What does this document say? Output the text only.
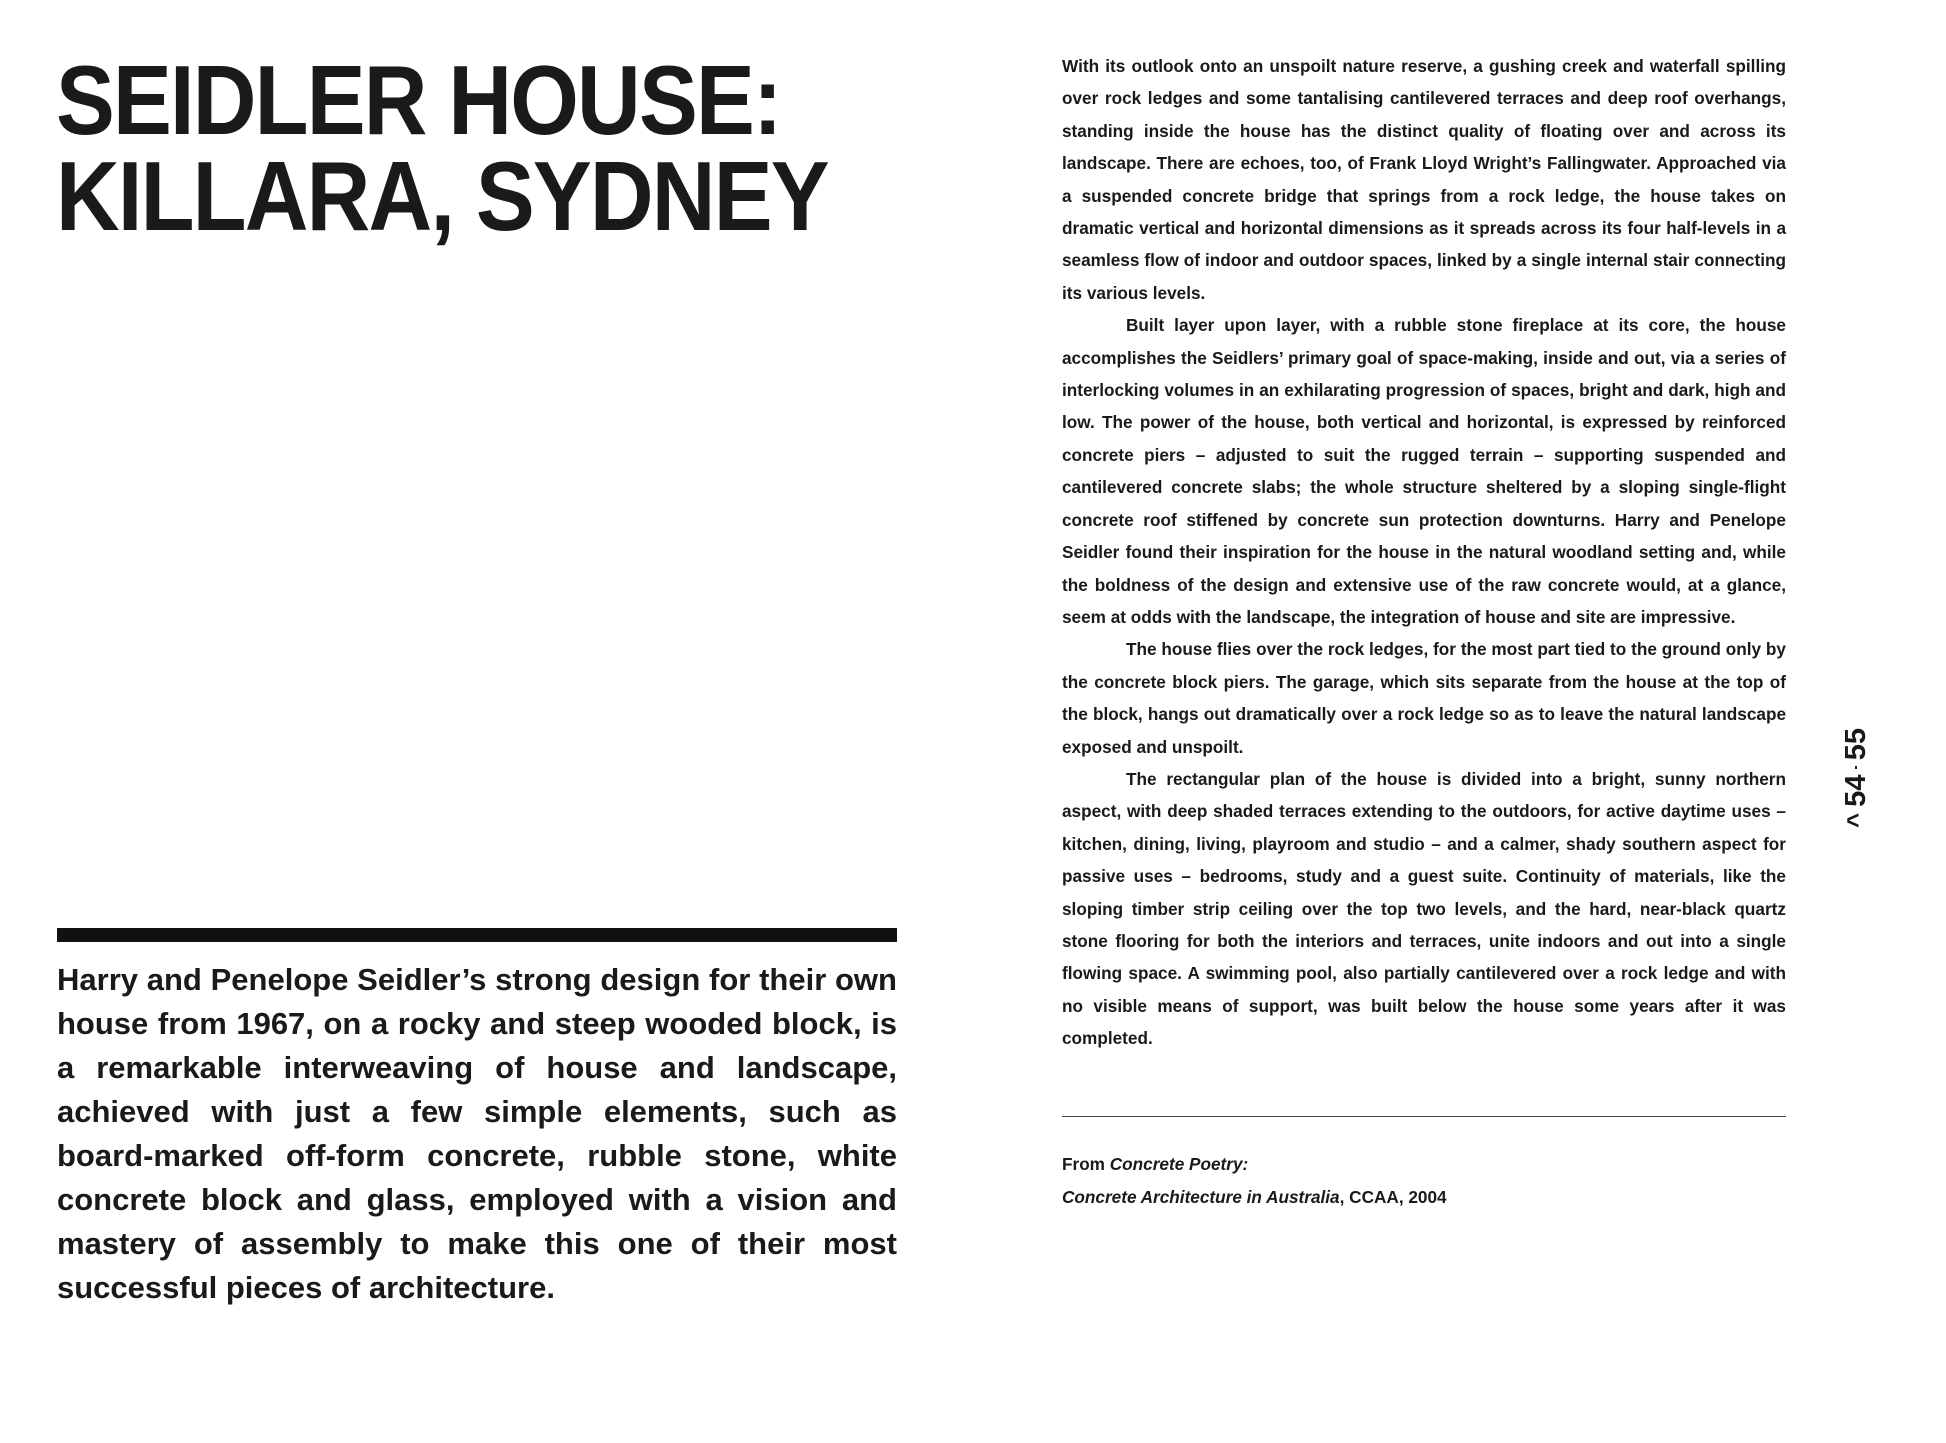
SEIDLER HOUSE:
KILLARA, SYDNEY

Harry and Penelope Seidler’s strong design for their own house from 1967, on a rocky and steep wooded block, is a remarkable interweaving of house and landscape, achieved with just a few simple elements, such as board-marked off-form concrete, rubble stone, white concrete block and glass, employed with a vision and mastery of assembly to make this one of their most successful pieces of architecture.

With its outlook onto an unspoilt nature reserve, a gushing creek and waterfall spilling over rock ledges and some tantalising cantilevered terraces and deep roof overhangs, standing inside the house has the distinct quality of floating over and across its landscape. There are echoes, too, of Frank Lloyd Wright’s Fallingwater. Approached via a suspended concrete bridge that springs from a rock ledge, the house takes on dramatic vertical and horizontal dimensions as it spreads across its four half-levels in a seamless flow of indoor and outdoor spaces, linked by a single internal stair connecting its various levels.

Built layer upon layer, with a rubble stone fireplace at its core, the house accomplishes the Seidlers’ primary goal of space-making, inside and out, via a series of interlocking volumes in an exhilarating progression of spaces, bright and dark, high and low. The power of the house, both vertical and horizontal, is expressed by reinforced concrete piers – adjusted to suit the rugged terrain – supporting suspended and cantilevered concrete slabs; the whole structure sheltered by a sloping single-flight concrete roof stiffened by concrete sun protection downturns. Harry and Penelope Seidler found their inspiration for the house in the natural woodland setting and, while the boldness of the design and extensive use of the raw concrete would, at a glance, seem at odds with the landscape, the integration of house and site are impressive.

The house flies over the rock ledges, for the most part tied to the ground only by the concrete block piers. The garage, which sits separate from the house at the top of the block, hangs out dramatically over a rock ledge so as to leave the natural landscape exposed and unspoilt.

The rectangular plan of the house is divided into a bright, sunny northern aspect, with deep shaded terraces extending to the outdoors, for active daytime uses – kitchen, dining, living, playroom and studio – and a calmer, shady southern aspect for passive uses – bedrooms, study and a guest suite. Continuity of materials, like the sloping timber strip ceiling over the top two levels, and the hard, near-black quartz stone flooring for both the interiors and terraces, unite indoors and out into a single flowing space. A swimming pool, also partially cantilevered over a rock ledge and with no visible means of support, was built below the house some years after it was completed.

From Concrete Poetry:
Concrete Architecture in Australia, CCAA, 2004
^
54
55
